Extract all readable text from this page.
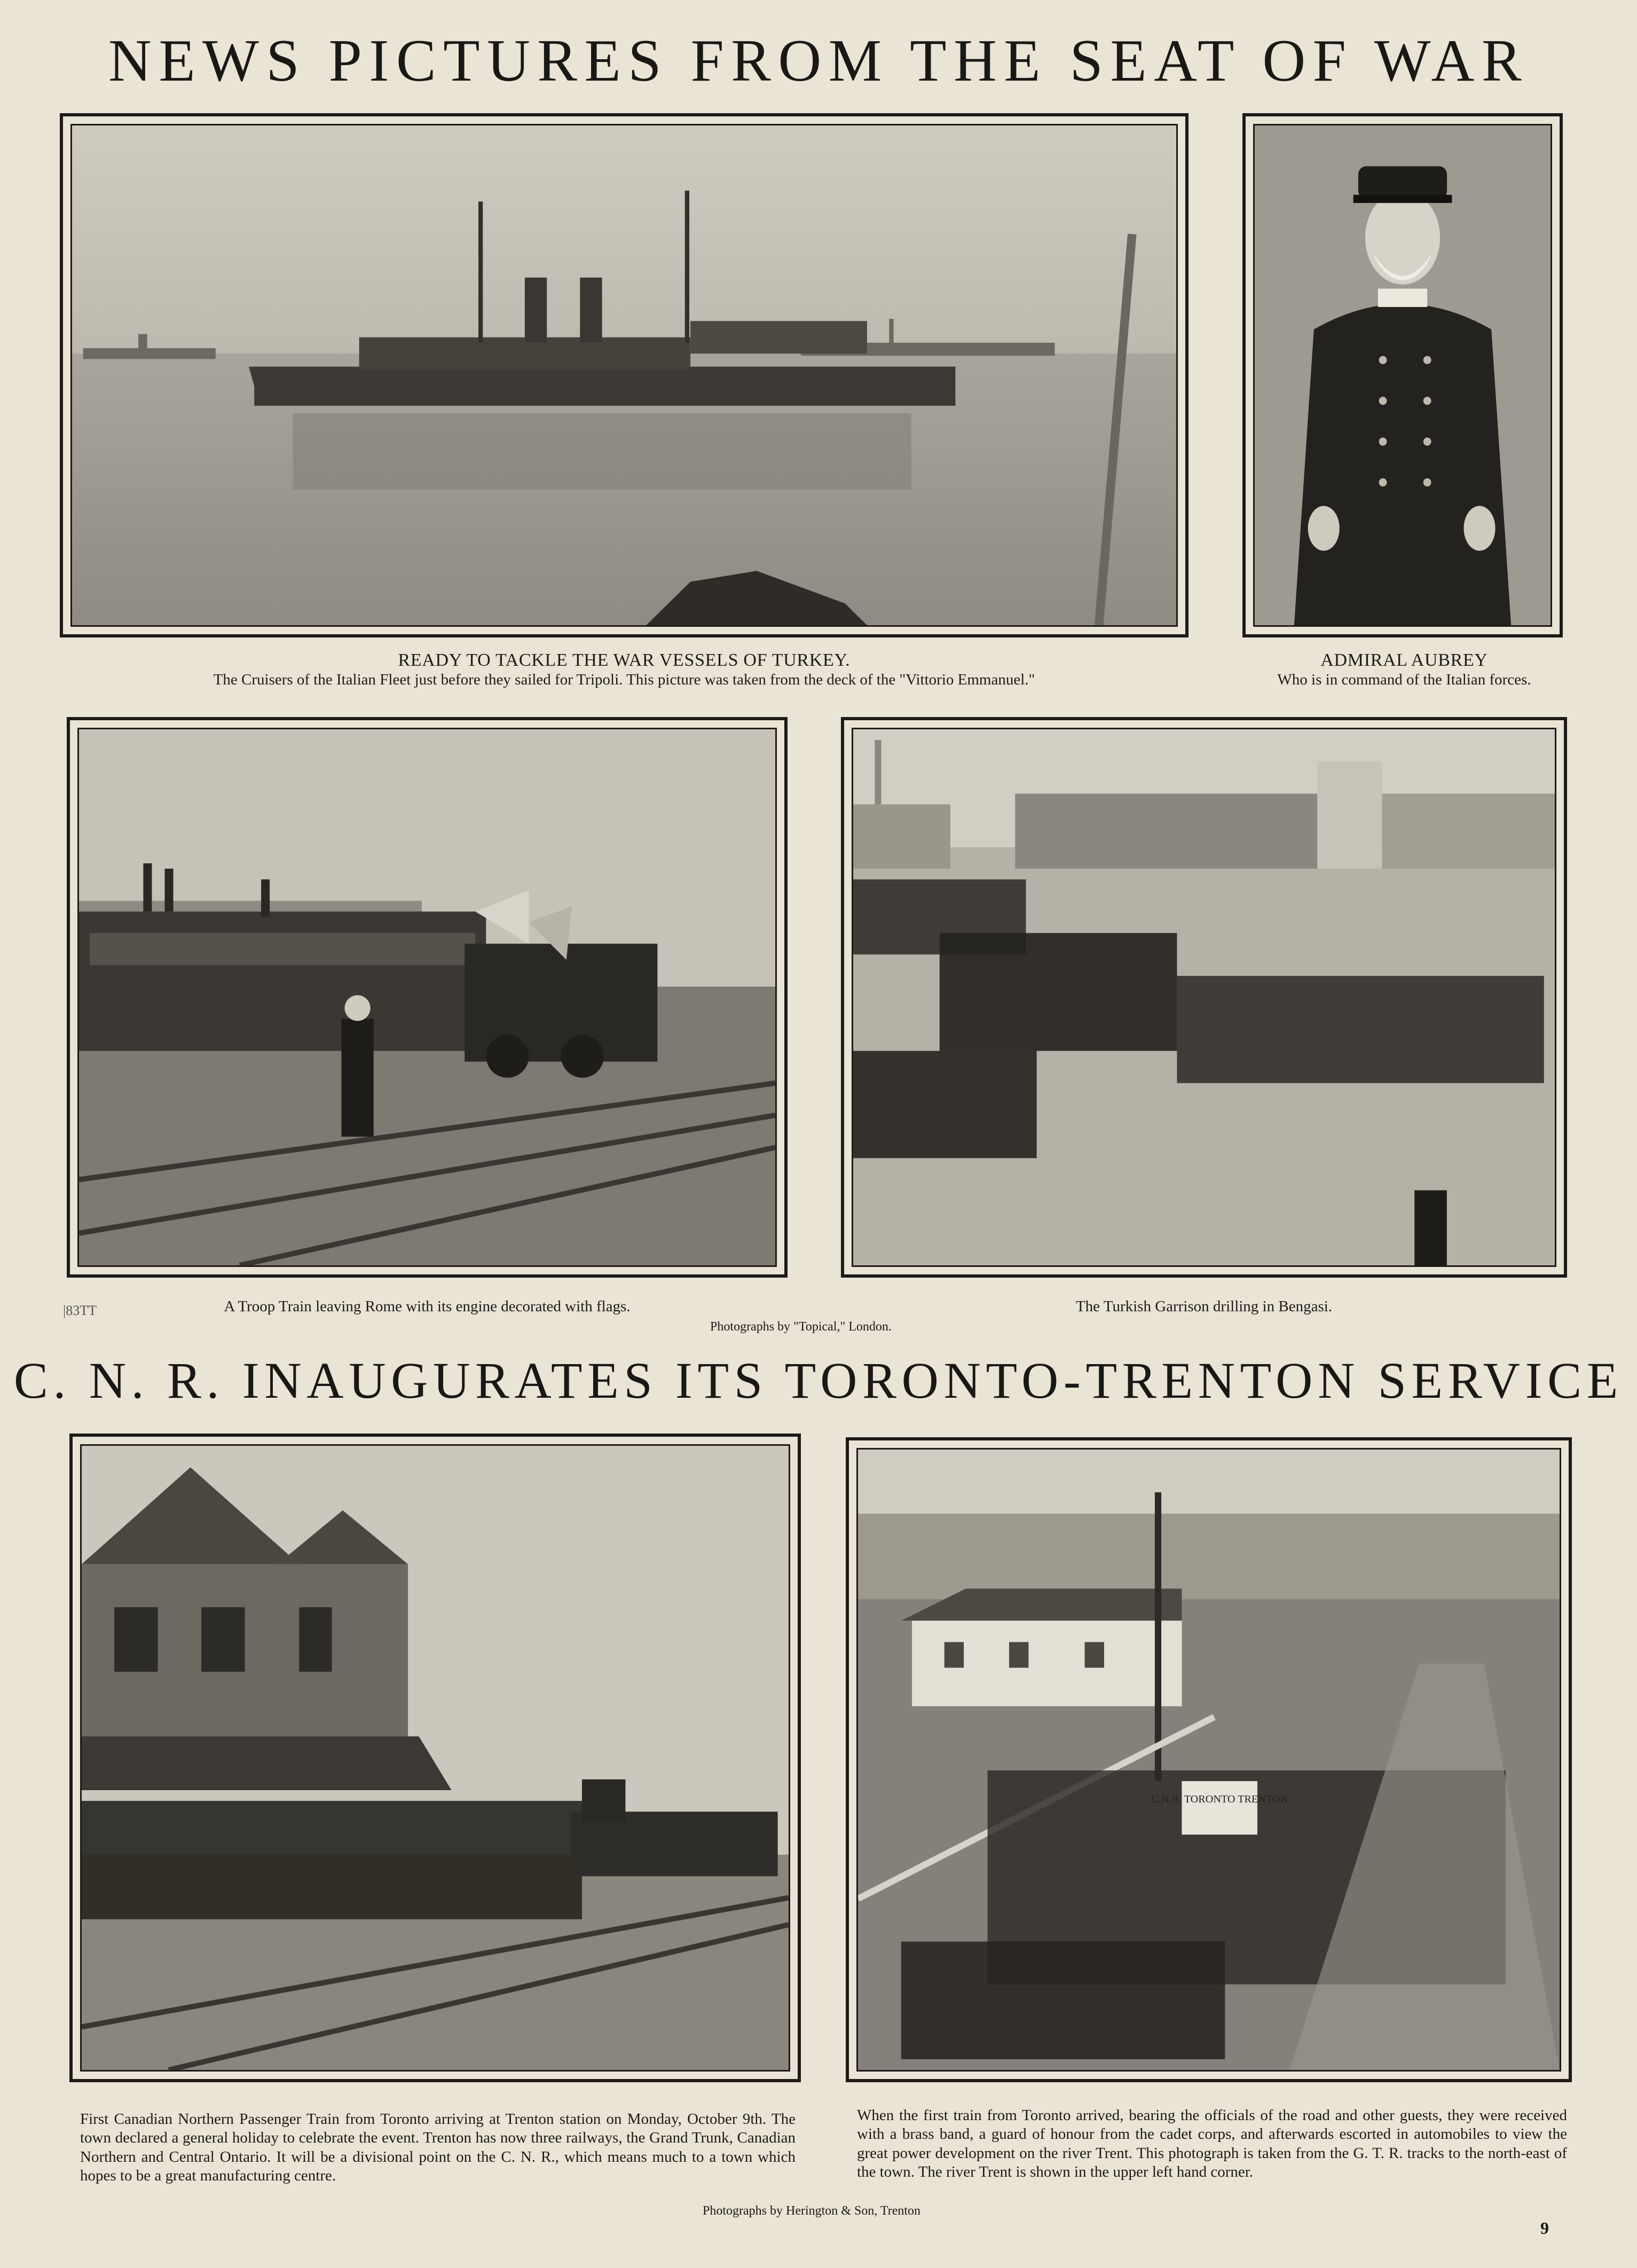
NEWS PICTURES FROM THE SEAT OF WAR
READY TO TACKLE THE WAR VESSELS OF TURKEY.
The Cruisers of the Italian Fleet just before they sailed for Tripoli. This picture was taken from the deck of the "Vittorio Emmanuel."
ADMIRAL AUBREY
Who is in command of the Italian forces.
|83TT	A Troop Train leaving Rome with its engine decorated with flags.	The Turkish Garrison drilling in Bengasi.
Photographs by "Topical," London.
C. N. R. INAUGURATES ITS TORONTO-TRENTON SERVICE
C.N.R. TORONTO TRENTON
First Canadian Northern Passenger Train from Toronto arriving at Trenton station on Monday, October 9th. The town declared a general holiday to celebrate the event. Trenton has now three railways, the Grand Trunk, Canadian Northern and Central Ontario. It will be a divisional point on the C. N. R., which means much to a town which hopes to be a great manufacturing centre.
When the first train from Toronto arrived, bearing the officials of the road and other guests, they were received with a brass band, a guard of honour from the cadet corps, and afterwards escorted in automobiles to view the great power development on the river Trent. This photograph is taken from the G. T. R. tracks to the north-east of the town. The river Trent is shown in the upper left hand corner.
Photographs by Herington & Son, Trenton
9
